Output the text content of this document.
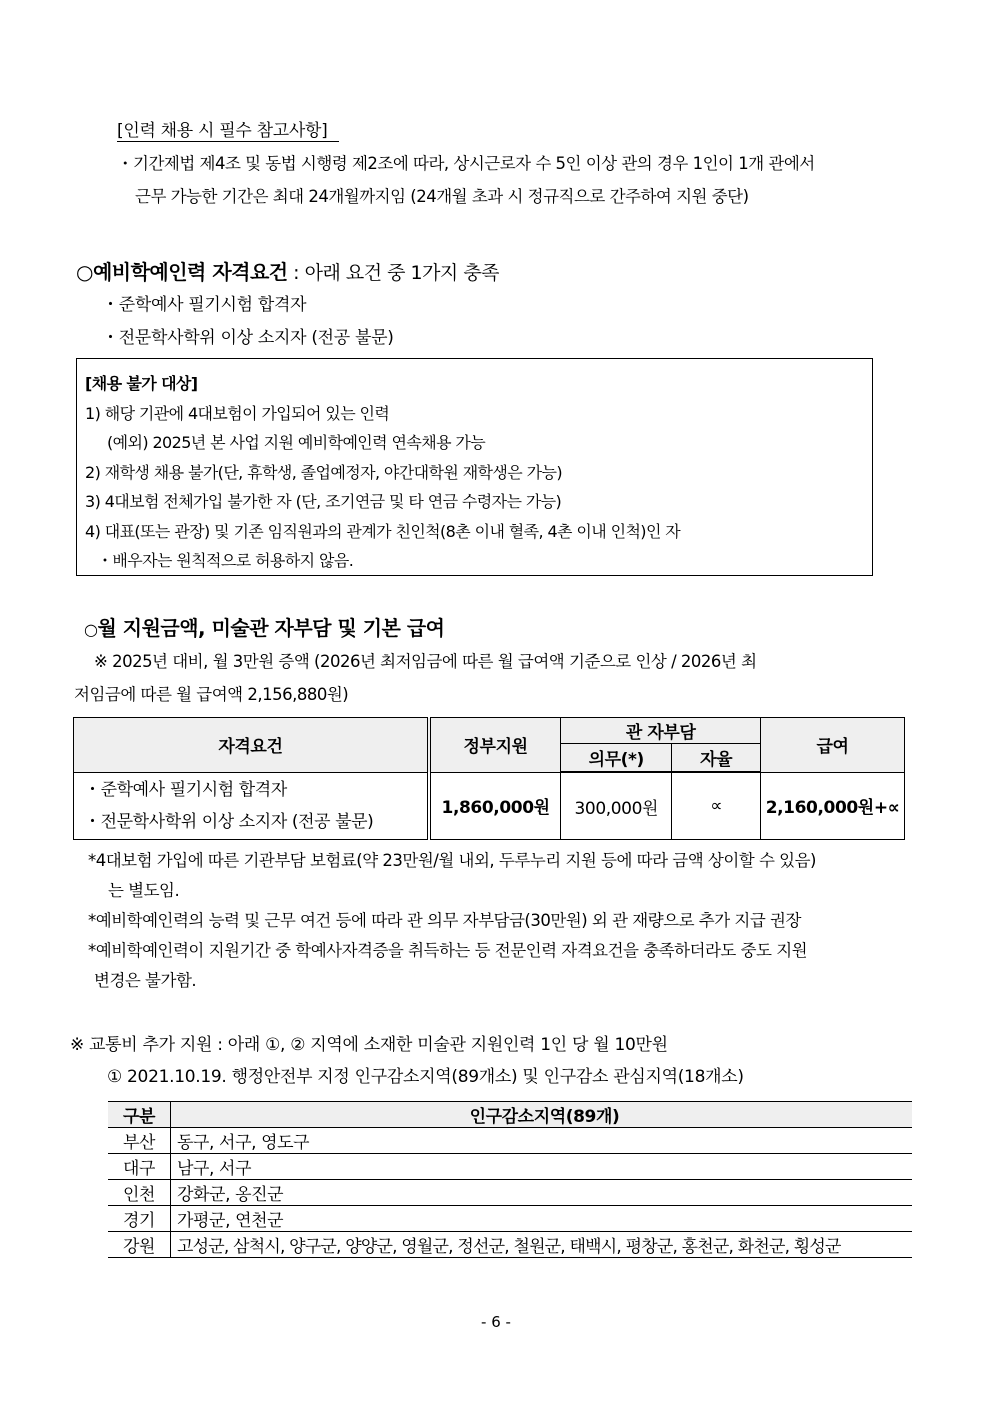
[인력 채용 시 필수 참고사항]
・기간제법 제4조 및 동법 시행령 제2조에 따라, 상시근로자 수 5인 이상 관의 경우 1인이 1개 관에서
근무 가능한 기간은 최대 24개월까지임 (24개월 초과 시 정규직으로 간주하여 지원 중단)
○예비학예인력 자격요건 : 아래 요건 중 1가지 충족
・준학예사 필기시험 합격자
・전문학사학위 이상 소지자 (전공 불문)
[채용 불가 대상]
1) 해당 기관에 4대보험이 가입되어 있는 인력
(예외) 2025년 본 사업 지원 예비학예인력 연속채용 가능
2) 재학생 채용 불가(단, 휴학생, 졸업예정자, 야간대학원 재학생은 가능)
3) 4대보험 전체가입 불가한 자 (단, 조기연금 및 타 연금 수령자는 가능)
4) 대표(또는 관장) 및 기존 임직원과의 관계가 친인척(8촌 이내 혈족, 4촌 이내 인척)인 자
・배우자는 원칙적으로 허용하지 않음.
○월 지원금액, 미술관 자부담 및 기본 급여
※ 2025년 대비, 월 3만원 증액 (2026년 최저임금에 따른 월 급여액 기준으로 인상 / 2026년 최
저임금에 따른 월 급여액 2,156,880원)
자격요건	정부지원	관 자부담		급여
		의무(*)	자율	

・준학예사 필기시험 합격자
・전문학사학위 이상 소지자 (전공 불문)	1,860,000원	300,000원	∝	2,160,000원+∝
*4대보험 가입에 따른 기관부담 보험료(약 23만원/월 내외, 두루누리 지원 등에 따라 금액 상이할 수 있음)
는 별도임.
*예비학예인력의 능력 및 근무 여건 등에 따라 관 의무 자부담금(30만원) 외 관 재량으로 추가 지급 권장
*예비학예인력이 지원기간 중 학예사자격증을 취득하는 등 전문인력 자격요건을 충족하더라도 중도 지원
변경은 불가함.
※ 교통비 추가 지원 : 아래 ①, ② 지역에 소재한 미술관 지원인력 1인 당 월 10만원
① 2021.10.19. 행정안전부 지정 인구감소지역(89개소) 및 인구감소 관심지역(18개소)
구분	인구감소지역(89개)
부산	동구, 서구, 영도구
대구	남구, 서구
인천	강화군, 옹진군
경기	가평군, 연천군
강원	고성군, 삼척시, 양구군, 양양군, 영월군, 정선군, 철원군, 태백시, 평창군, 홍천군, 화천군, 횡성군
- 6 -
